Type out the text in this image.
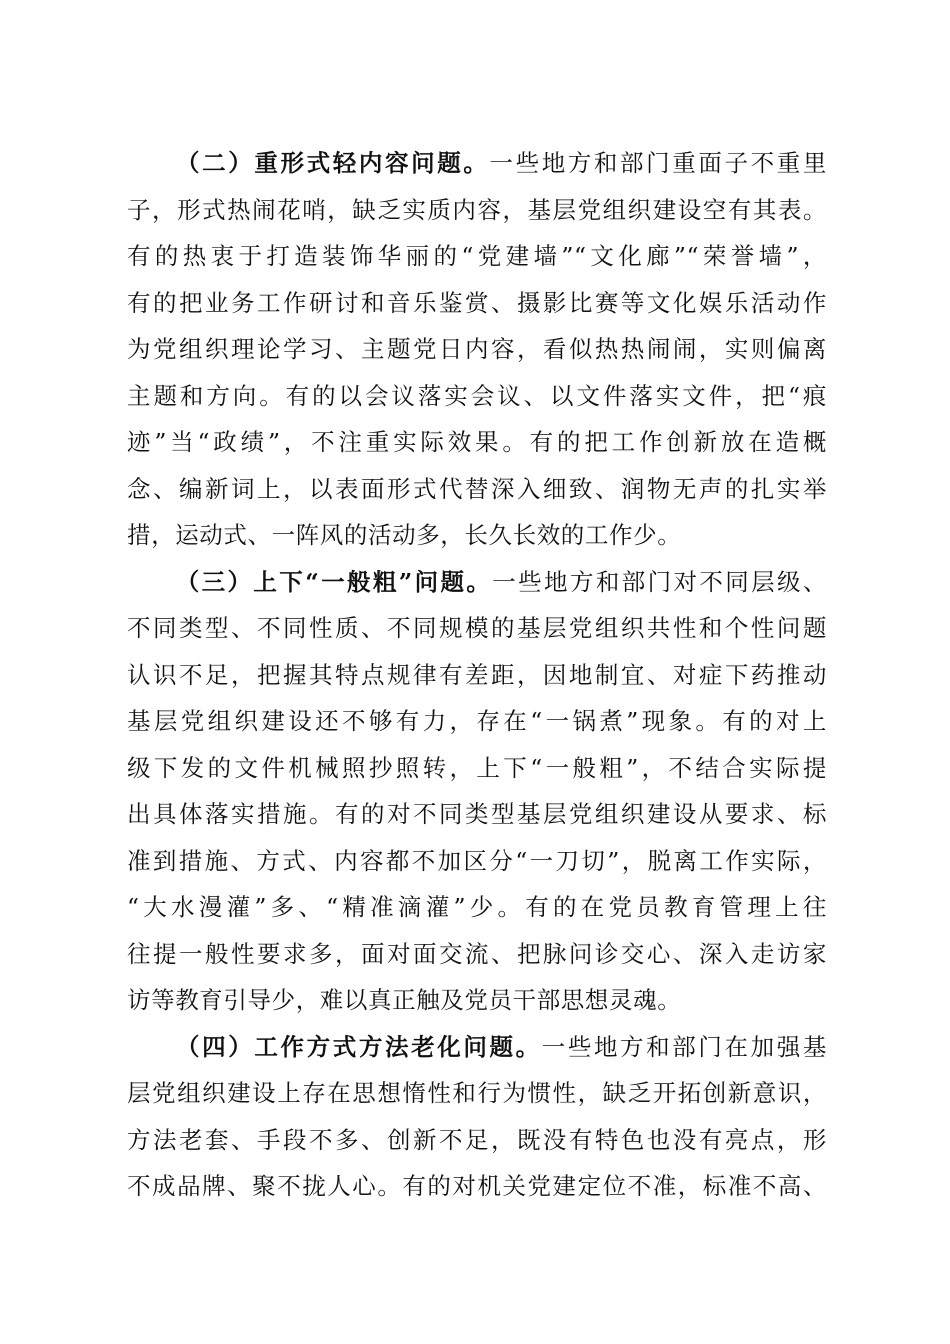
（二）重形式轻内容问题。一些地方和部门重面子不重里
子，形式热闹花哨，缺乏实质内容，基层党组织建设空有其表。
有的热衷于打造装饰华丽的“党建墙”“文化廊”“荣誉墙”，
有的把业务工作研讨和音乐鉴赏、摄影比赛等文化娱乐活动作
为党组织理论学习、主题党日内容，看似热热闹闹，实则偏离
主题和方向。有的以会议落实会议、以文件落实文件，把“痕
迹”当“政绩”，不注重实际效果。有的把工作创新放在造概
念、编新词上，以表面形式代替深入细致、润物无声的扎实举
措，运动式、一阵风的活动多，长久长效的工作少。
（三）上下“一般粗”问题。一些地方和部门对不同层级、
不同类型、不同性质、不同规模的基层党组织共性和个性问题
认识不足，把握其特点规律有差距，因地制宜、对症下药推动
基层党组织建设还不够有力，存在“一锅煮”现象。有的对上
级下发的文件机械照抄照转，上下“一般粗”，不结合实际提
出具体落实措施。有的对不同类型基层党组织建设从要求、标
准到措施、方式、内容都不加区分“一刀切”，脱离工作实际，
“大水漫灌”多、“精准滴灌”少。有的在党员教育管理上往
往提一般性要求多，面对面交流、把脉问诊交心、深入走访家
访等教育引导少，难以真正触及党员干部思想灵魂。
（四）工作方式方法老化问题。一些地方和部门在加强基
层党组织建设上存在思想惰性和行为惯性，缺乏开拓创新意识，
方法老套、手段不多、创新不足，既没有特色也没有亮点，形
不成品牌、聚不拢人心。有的对机关党建定位不准，标准不高、
